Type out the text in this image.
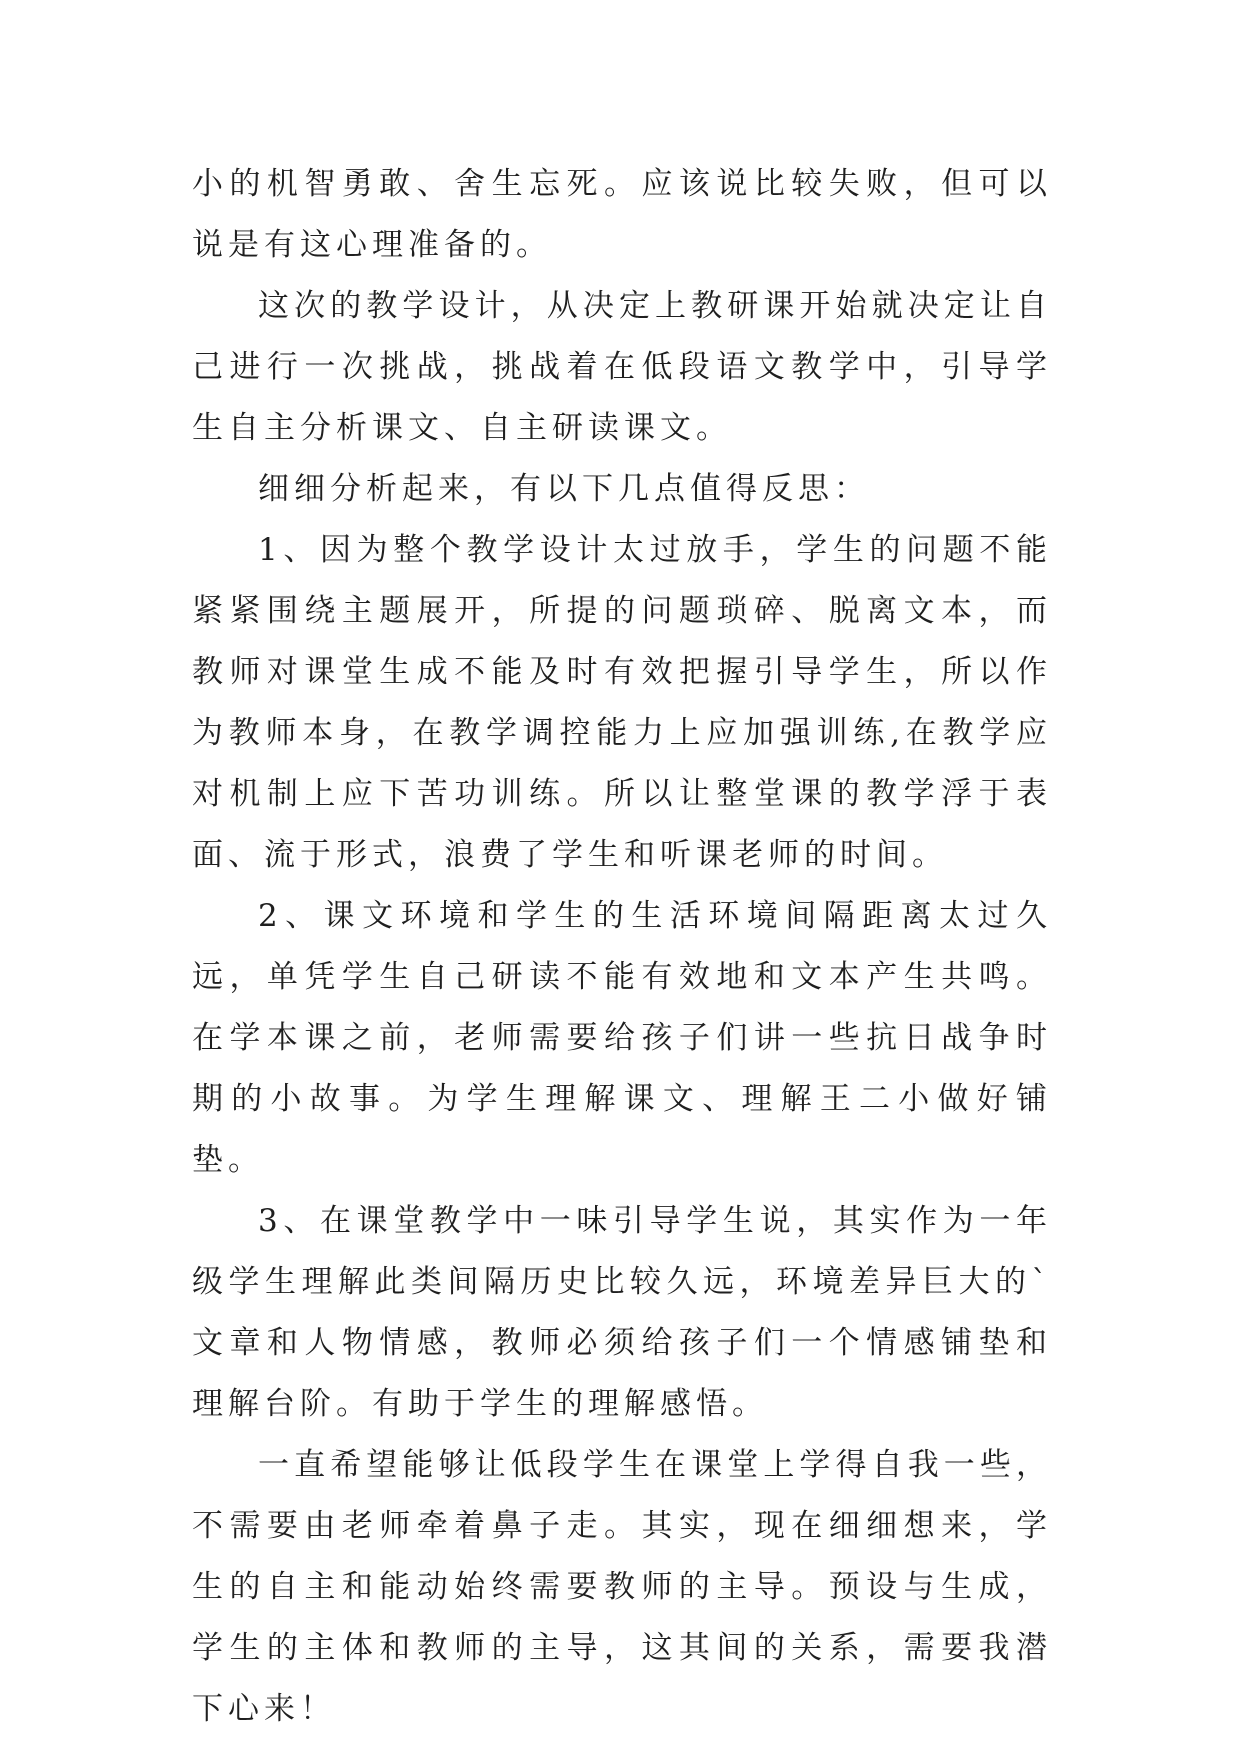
小的机智勇敢、舍生忘死。应该说比较失败，但可以说是有这心理准备的。

这次的教学设计，从决定上教研课开始就决定让自己进行一次挑战，挑战着在低段语文教学中，引导学生自主分析课文、自主研读课文。

细细分析起来，有以下几点值得反思：

1、因为整个教学设计太过放手，学生的问题不能紧紧围绕主题展开，所提的问题琐碎、脱离文本，而教师对课堂生成不能及时有效把握引导学生，所以作为教师本身，在教学调控能力上应加强训练,在教学应对机制上应下苦功训练。所以让整堂课的教学浮于表面、流于形式，浪费了学生和听课老师的时间。

2、课文环境和学生的生活环境间隔距离太过久远，单凭学生自己研读不能有效地和文本产生共鸣。在学本课之前，老师需要给孩子们讲一些抗日战争时期的小故事。为学生理解课文、理解王二小做好铺垫。

3、在课堂教学中一味引导学生说，其实作为一年级学生理解此类间隔历史比较久远，环境差异巨大的`文章和人物情感，教师必须给孩子们一个情感铺垫和理解台阶。有助于学生的理解感悟。

一直希望能够让低段学生在课堂上学得自我一些，不需要由老师牵着鼻子走。其实，现在细细想来，学生的自主和能动始终需要教师的主导。预设与生成，学生的主体和教师的主导，这其间的关系，需要我潜下心来！
